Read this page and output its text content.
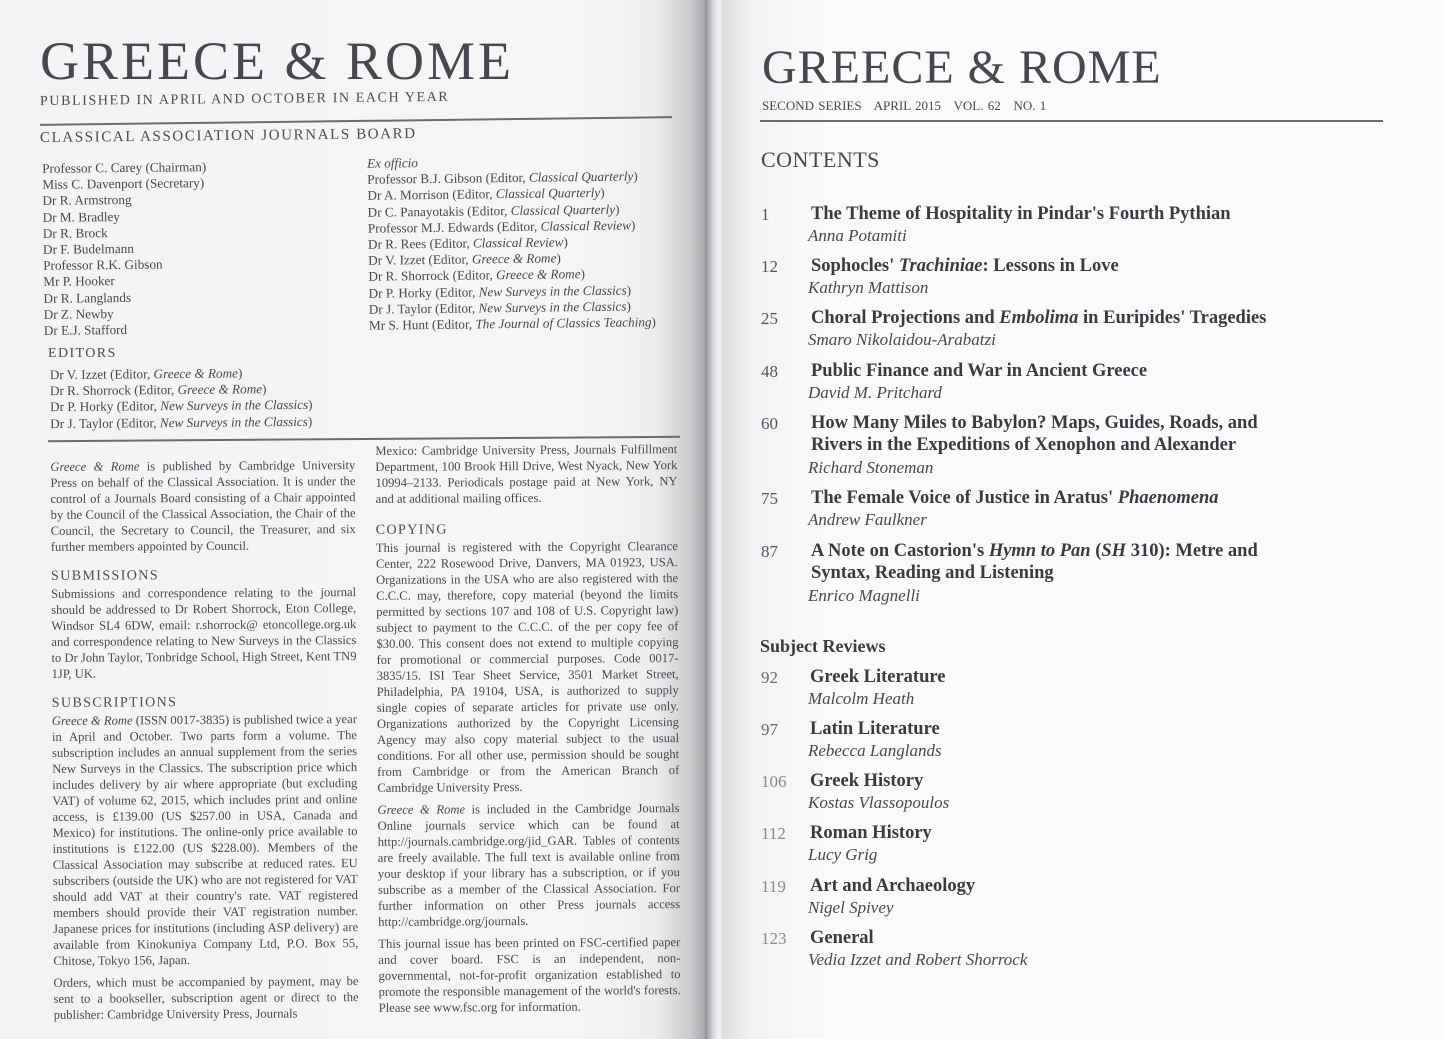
GREECE & ROME
PUBLISHED IN APRIL AND OCTOBER IN EACH YEAR
CLASSICAL ASSOCIATION JOURNALS BOARD
Professor C. Carey (Chairman)
Miss C. Davenport (Secretary)
Dr R. Armstrong
Dr M. Bradley
Dr R. Brock
Dr F. Budelmann
Professor R.K. Gibson
Mr P. Hooker
Dr R. Langlands
Dr Z. Newby
Dr E.J. Stafford
Ex officio
Professor B.J. Gibson (Editor, Classical Quarterly)
Dr A. Morrison (Editor, Classical Quarterly)
Dr C. Panayotakis (Editor, Classical Quarterly)
Professor M.J. Edwards (Editor, Classical Review)
Dr R. Rees (Editor, Classical Review)
Dr V. Izzet (Editor, Greece & Rome)
Dr R. Shorrock (Editor, Greece & Rome)
Dr P. Horky (Editor, New Surveys in the Classics)
Dr J. Taylor (Editor, New Surveys in the Classics)
Mr S. Hunt (Editor, The Journal of Classics Teaching)
EDITORS
Dr V. Izzet (Editor, Greece & Rome)
Dr R. Shorrock (Editor, Greece & Rome)
Dr P. Horky (Editor, New Surveys in the Classics)
Dr J. Taylor (Editor, New Surveys in the Classics)

Greece & Rome is published by Cambridge University Press on behalf of the Classical Association. It is under the control of a Journals Board consisting of a Chair appointed by the Council of the Classical Association, the Chair of the Council, the Secretary to Council, the Treasurer, and six further members appointed by Council.

SUBMISSIONS

Submissions and correspondence relating to the journal should be addressed to Dr Robert Shorrock, Eton College, Windsor SL4 6DW, email: r.shorrock@ etoncollege.org.uk and correspondence relating to New Surveys in the Classics to Dr John Taylor, Tonbridge School, High Street, Kent TN9 1JP, UK.

SUBSCRIPTIONS

Greece & Rome (ISSN 0017-3835) is published twice a year in April and October. Two parts form a volume. The subscription includes an annual supplement from the series New Surveys in the Classics. The subscription price which includes delivery by air where appropriate (but excluding VAT) of volume 62, 2015, which includes print and online access, is £139.00 (US $257.00 in USA, Canada and Mexico) for institutions. The online-only price available to institutions is £122.00 (US $228.00). Members of the Classical Association may subscribe at reduced rates. EU subscribers (outside the UK) who are not registered for VAT should add VAT at their country's rate. VAT registered members should provide their VAT registration number. Japanese prices for institutions (including ASP delivery) are available from Kinokuniya Company Ltd, P.O. Box 55, Chitose, Tokyo 156, Japan.

Orders, which must be accompanied by payment, may be sent to a bookseller, subscription agent or direct to the publisher: Cambridge University Press, Journals

Mexico: Cambridge University Press, Journals Fulfillment Department, 100 Brook Hill Drive, West Nyack, New York 10994–2133. Periodicals postage paid at New York, NY and at additional mailing offices.

COPYING

This journal is registered with the Copyright Clearance Center, 222 Rosewood Drive, Danvers, MA 01923, USA. Organizations in the USA who are also registered with the C.C.C. may, therefore, copy material (beyond the limits permitted by sections 107 and 108 of U.S. Copyright law) subject to payment to the C.C.C. of the per copy fee of $30.00. This consent does not extend to multiple copying for promotional or commercial purposes. Code 0017-3835/15. ISI Tear Sheet Service, 3501 Market Street, Philadelphia, PA 19104, USA, is authorized to supply single copies of separate articles for private use only. Organizations authorized by the Copyright Licensing Agency may also copy material subject to the usual conditions. For all other use, permission should be sought from Cambridge or from the American Branch of Cambridge University Press.

Greece & Rome is included in the Cambridge Journals Online journals service which can be found at http://journals.cambridge.org/jid_GAR. Tables of contents are freely available. The full text is available online from your desktop if your library has a subscription, or if you subscribe as a member of the Classical Association. For further information on other Press journals access http://cambridge.org/journals.

This journal issue has been printed on FSC-certified paper and cover board. FSC is an independent, non-governmental, not-for-profit organization established to promote the responsible management of the world's forests. Please see www.fsc.org for information.

GREECE & ROME
SECOND SERIES   APRIL 2015   VOL. 62   NO. 1
CONTENTS
1 The Theme of Hospitality in Pindar's Fourth Pythian
Anna Potamiti
12 Sophocles' Trachiniae: Lessons in Love
Kathryn Mattison
25 Choral Projections and Embolima in Euripides' Tragedies
Smaro Nikolaidou-Arabatzi
48 Public Finance and War in Ancient Greece
David M. Pritchard
60 How Many Miles to Babylon? Maps, Guides, Roads, and
Rivers in the Expeditions of Xenophon and Alexander
Richard Stoneman
75 The Female Voice of Justice in Aratus' Phaenomena
Andrew Faulkner
87 A Note on Castorion's Hymn to Pan (SH 310): Metre and
Syntax, Reading and Listening
Enrico Magnelli
Subject Reviews
92 Greek Literature
Malcolm Heath
97 Latin Literature
Rebecca Langlands
106 Greek History
Kostas Vlassopoulos
112 Roman History
Lucy Grig
119 Art and Archaeology
Nigel Spivey
123 General
Vedia Izzet and Robert Shorrock
